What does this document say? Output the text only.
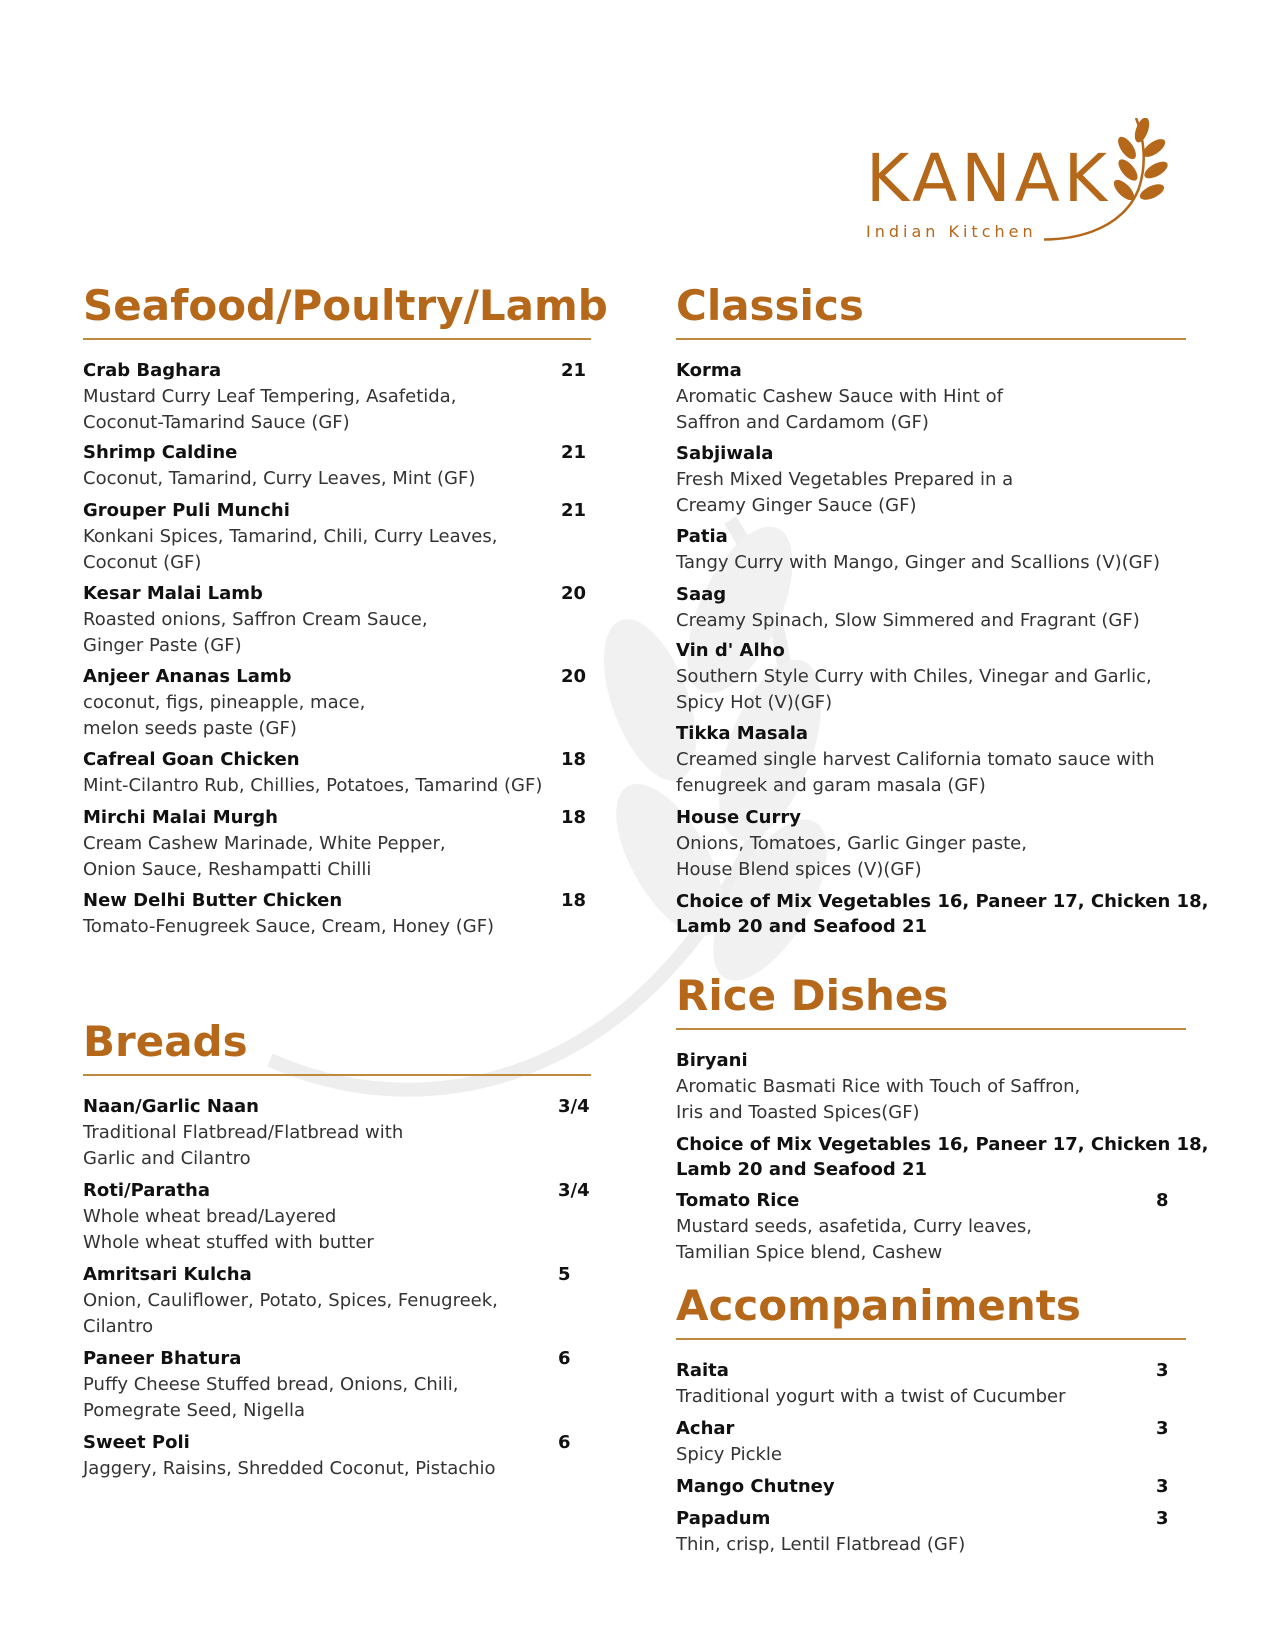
KANAK
Indian Kitchen
Seafood/Poultry/Lamb
Crab Baghara	21
Mustard Curry Leaf Tempering, Asafetida,
Coconut-Tamarind Sauce (GF)
Shrimp Caldine	21
Coconut, Tamarind, Curry Leaves, Mint (GF)
Grouper Puli Munchi	21
Konkani Spices, Tamarind, Chili, Curry Leaves,
Coconut (GF)
Kesar Malai Lamb	20
Roasted onions, Saffron Cream Sauce,
Ginger Paste (GF)
Anjeer Ananas Lamb	20
coconut, figs, pineapple, mace,
melon seeds paste (GF)
Cafreal Goan Chicken	18
Mint-Cilantro Rub, Chillies, Potatoes, Tamarind (GF)
Mirchi Malai Murgh	18
Cream Cashew Marinade, White Pepper,
Onion Sauce, Reshampatti Chilli
New Delhi Butter Chicken	18
Tomato-Fenugreek Sauce, Cream, Honey (GF)
Breads
Naan/Garlic Naan	3/4
Traditional Flatbread/Flatbread with
Garlic and Cilantro
Roti/Paratha	3/4
Whole wheat bread/Layered
Whole wheat stuffed with butter
Amritsari Kulcha	5
Onion, Cauliflower, Potato, Spices, Fenugreek,
Cilantro
Paneer Bhatura	6
Puffy Cheese Stuffed bread, Onions, Chili,
Pomegrate Seed, Nigella
Sweet Poli	6
Jaggery, Raisins, Shredded Coconut, Pistachio
Classics
Korma
Aromatic Cashew Sauce with Hint of
Saffron and Cardamom (GF)
Sabjiwala
Fresh Mixed Vegetables Prepared in a
Creamy Ginger Sauce (GF)
Patia
Tangy Curry with Mango, Ginger and Scallions (V)(GF)
Saag
Creamy Spinach, Slow Simmered and Fragrant (GF)
Vin d' Alho
Southern Style Curry with Chiles, Vinegar and Garlic,
Spicy Hot (V)(GF)
Tikka Masala
Creamed single harvest California tomato sauce with
fenugreek and garam masala (GF)
House Curry
Onions, Tomatoes, Garlic Ginger paste,
House Blend spices (V)(GF)
Choice of Mix Vegetables 16, Paneer 17, Chicken 18,
Lamb 20 and Seafood 21
Rice Dishes
Biryani
Aromatic Basmati Rice with Touch of Saffron,
Iris and Toasted Spices(GF)
Choice of Mix Vegetables 16, Paneer 17, Chicken 18,
Lamb 20 and Seafood 21
Tomato Rice	8
Mustard seeds, asafetida, Curry leaves,
Tamilian Spice blend, Cashew
Accompaniments
Raita	3
Traditional yogurt with a twist of Cucumber
Achar	3
Spicy Pickle
Mango Chutney	3
Papadum	3
Thin, crisp, Lentil Flatbread (GF)
